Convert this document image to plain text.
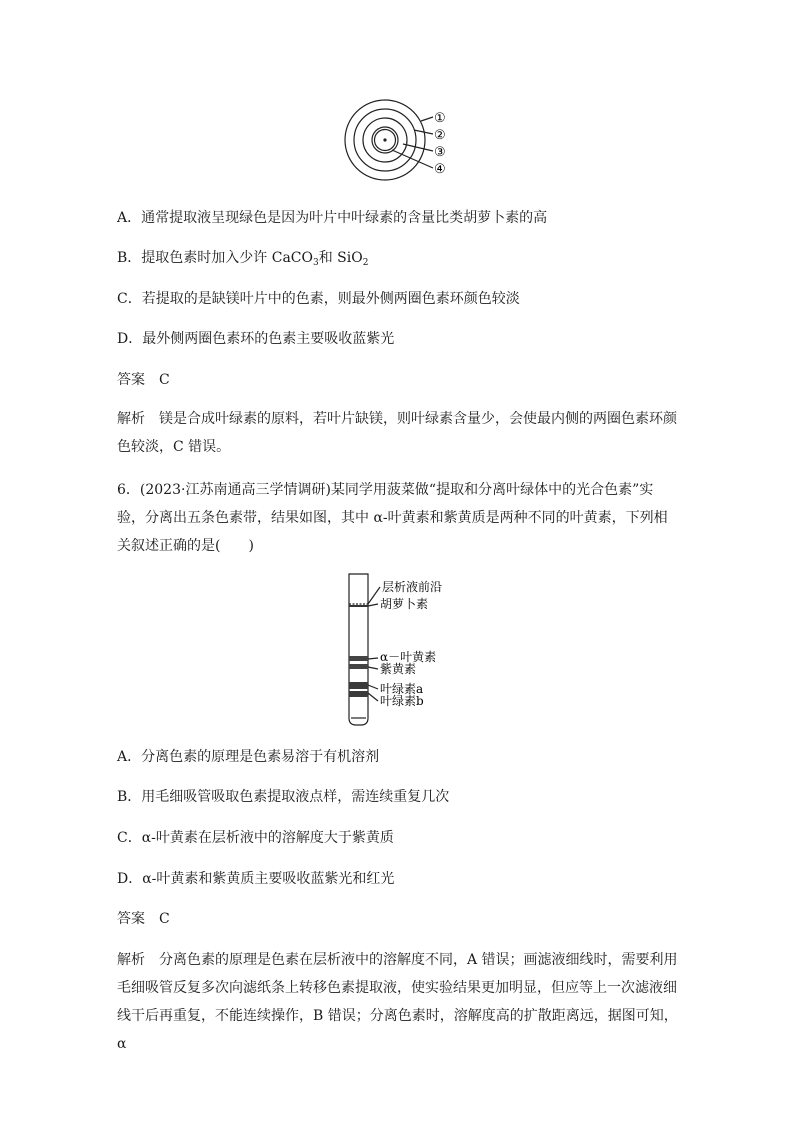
①
②
③
④
A．通常提取液呈现绿色是因为叶片中叶绿素的含量比类胡萝卜素的高
B．提取色素时加入少许 CaCO$_3$和 SiO$_2$
C．若提取的是缺镁叶片中的色素，则最外侧两圈色素环颜色较淡
D．最外侧两圈色素环的色素主要吸收蓝紫光
答案 C
解析 镁是合成叶绿素的原料，若叶片缺镁，则叶绿素含量少，会使最内侧的两圈色素环颜色较淡，C 错误。
6．(2023·江苏南通高三学情调研)某同学用菠菜做“提取和分离叶绿体中的光合色素”实验，分离出五条色素带，结果如图，其中 α-叶黄素和紫黄质是两种不同的叶黄素，下列相关叙述正确的是(　　)
层析液前沿
胡萝卜素
α－叶黄素
紫黄素
叶绿素a
叶绿素b
A．分离色素的原理是色素易溶于有机溶剂
B．用毛细吸管吸取色素提取液点样，需连续重复几次
C．α-叶黄素在层析液中的溶解度大于紫黄质
D．α-叶黄素和紫黄质主要吸收蓝紫光和红光
答案 C
解析 分离色素的原理是色素在层析液中的溶解度不同，A 错误；画滤液细线时，需要利用毛细吸管反复多次向滤纸条上转移色素提取液，使实验结果更加明显，但应等上一次滤液细线干后再重复，不能连续操作，B 错误；分离色素时，溶解度高的扩散距离远，据图可知，α
